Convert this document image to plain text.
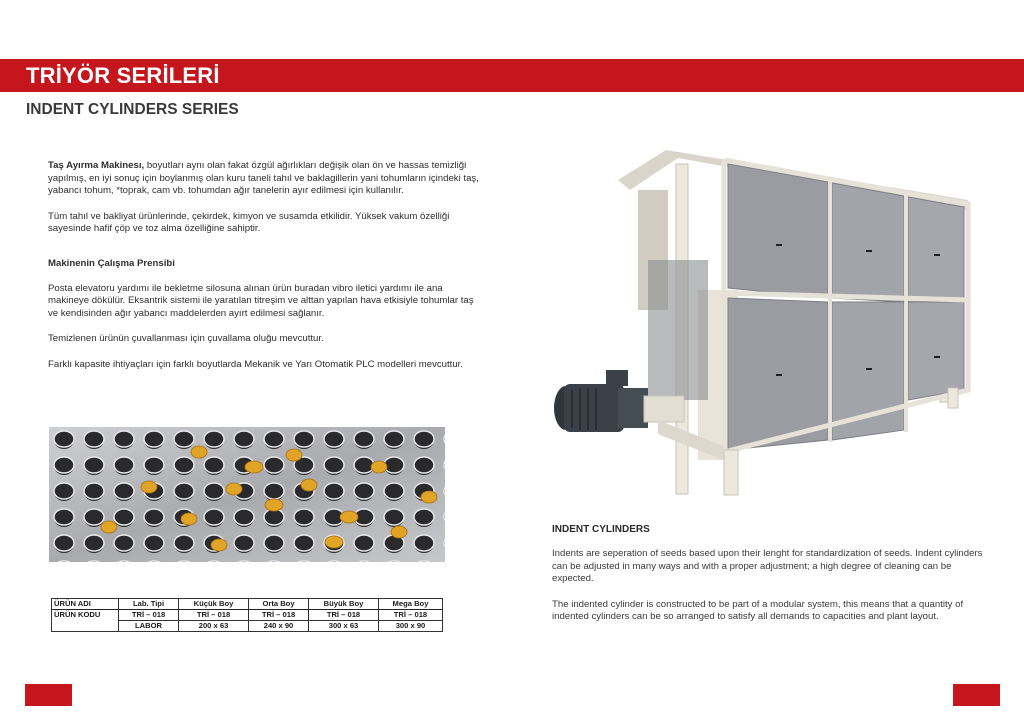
TRİYÖR SERİLERİ
INDENT CYLINDERS SERIES

Taş Ayırma Makinesı, boyutları aynı olan fakat özgül ağırlıkları değişik olan ön ve hassas temizliği yapılmış, en iyi sonuç için boylanmış olan kuru taneli tahıl ve baklagillerin yani tohumların içindeki taş, yabancı tohum, *toprak, cam vb. tohumdan ağır tanelerin ayır edilmesi için kullanılır.

Tüm tahıl ve bakliyat ürünlerinde, çekirdek, kimyon ve susamda etkilidir. Yüksek vakum özelliği sayesinde hafif çöp ve toz alma özelliğine sahiptir.

Makinenin Çalışma Prensibi

Posta elevatoru yardımı ile bekletme silosuna alınan ürün buradan vibro iletici yardımı ile ana makineye dökülür. Eksantrik sistemi ile yaratılan titreşim ve alttan yapılan hava etkisiyle tohumlar taş ve kendisinden ağır yabancı maddelerden ayırt edilmesi sağlanır.

Temizlenen ürünün çuvallanması için çuvallama oluğu mevcuttur.

Farklı kapasite ihtiyaçları için farklı boyutlarda Mekanik ve Yarı Otomatik PLC modelleri mevcuttur.

ÜRÜN ADI	Lab. Tipi	Küçük Boy	Orta Boy	Büyük Boy	Mega Boy
ÜRÜN KODU	TRİ – 018	TRİ – 018	TRİ – 018	TRİ – 018	TRİ – 018
	LABOR	200 x 63	240 x 90	300 x 63	300 x 90
INDENT CYLINDERS

Indents are seperation of seeds based upon their lenght for standardization of seeds. Indent cylinders can be adjusted in many ways and with a proper adjustment; a high degree of cleaning can be expected.

The indented cylinder is constructed to be part of a modular system, this means that a quantity of indented cylinders can be so arranged to satisfy all demands to capacities and plant layout.
